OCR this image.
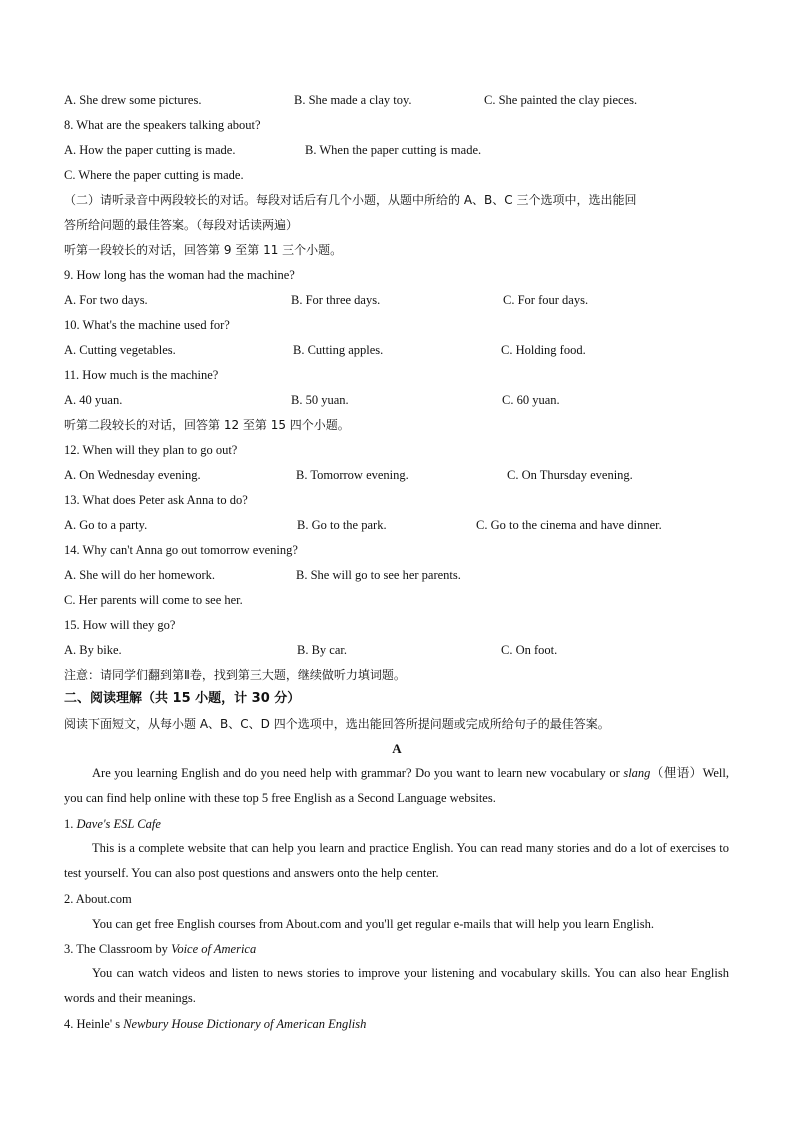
A. She drew some pictures.	B. She made a clay toy.	C. She painted the clay pieces.
8. What are the speakers talking about?
A. How the paper cutting is made.	B. When the paper cutting is made.
C. Where the paper cutting is made.
（二）请听录音中两段较长的对话。每段对话后有几个小题，从题中所给的 A、B、C 三个选项中，选出能回
答所给问题的最佳答案。（每段对话读两遍）
听第一段较长的对话，回答第 9 至第 11 三个小题。
9. How long has the woman had the machine?
A. For two days.	B. For three days.	C. For four days.
10. What's the machine used for?
A. Cutting vegetables.	B. Cutting apples.	C. Holding food.
11. How much is the machine?
A. 40 yuan.	B. 50 yuan.	C. 60 yuan.
听第二段较长的对话，回答第 12 至第 15 四个小题。
12. When will they plan to go out?
A. On Wednesday evening.	B. Tomorrow evening.	C. On Thursday evening.
13. What does Peter ask Anna to do?
A. Go to a party.	B. Go to the park.	C. Go to the cinema and have dinner.
14. Why can't Anna go out tomorrow evening?
A. She will do her homework.	B. She will go to see her parents.
C. Her parents will come to see her.
15. How will they go?
A. By bike.	B. By car.	C. On foot.
注意：请同学们翻到第Ⅱ卷，找到第三大题，继续做听力填词题。
二、阅读理解（共 15 小题，计 30 分）
阅读下面短文，从每小题 A、B、C、D 四个选项中，选出能回答所提问题或完成所给句子的最佳答案。
A
Are you learning English and do you need help with grammar? Do you want to learn new vocabulary or slang（俚语）Well, you can find help online with these top 5 free English as a Second Language websites.
1. Dave's ESL Cafe
This is a complete website that can help you learn and practice English. You can read many stories and do a lot of exercises to test yourself. You can also post questions and answers onto the help center.
2. About.com
You can get free English courses from About.com and you'll get regular e-mails that will help you learn English.
3. The Classroom by Voice of America
You can watch videos and listen to news stories to improve your listening and vocabulary skills. You can also hear English words and their meanings.
4. Heinle' s Newbury House Dictionary of American English
